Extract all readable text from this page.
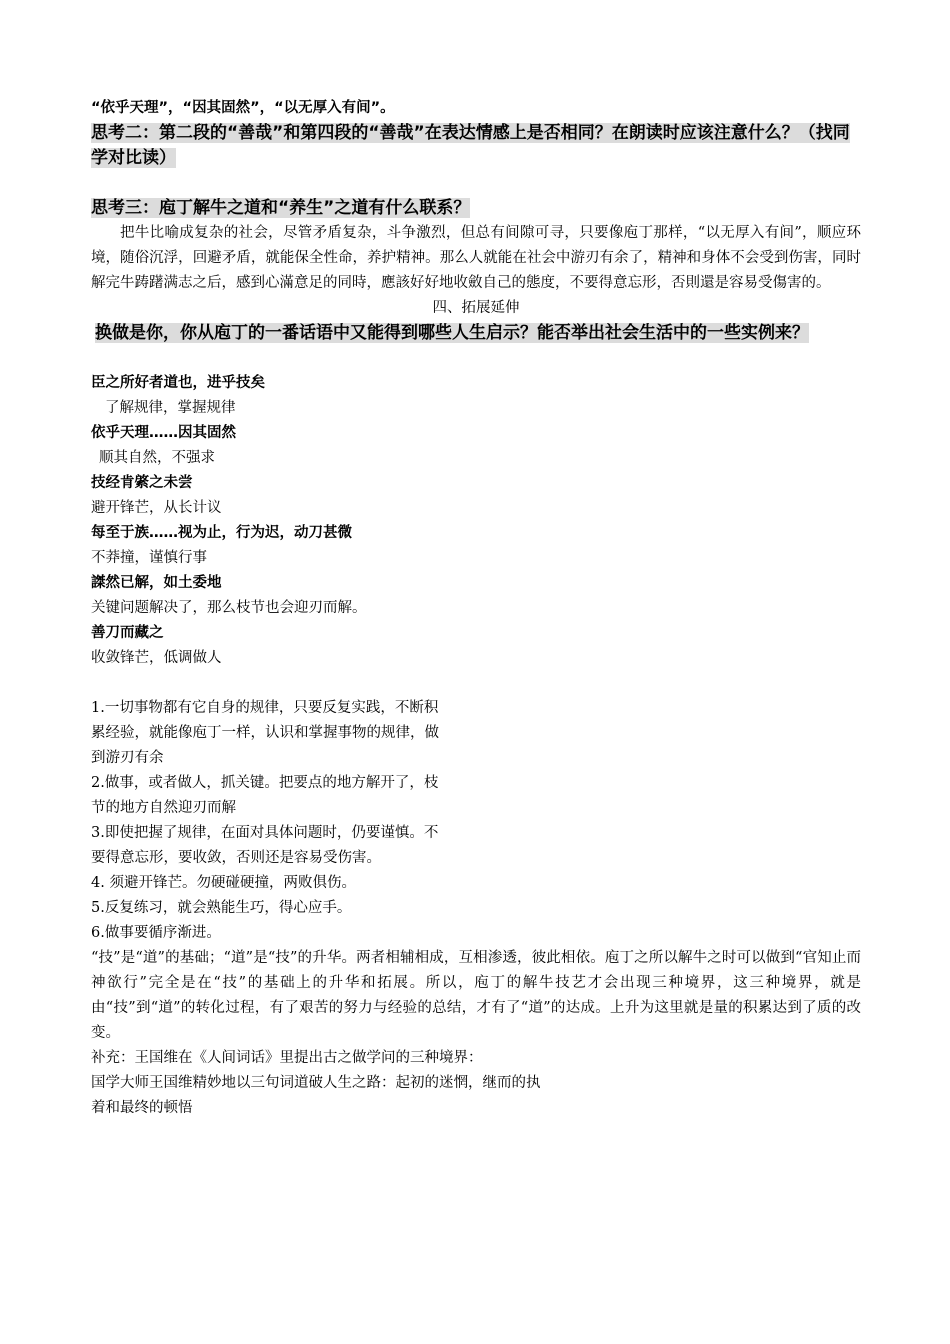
“依乎天理”，“因其固然”，“以无厚入有间”。
思考二：第二段的“善哉”和第四段的“善哉”在表达情感上是否相同？在朗读时应该注意什么？（找同学对比读）
思考三：庖丁解牛之道和“养生”之道有什么联系？
把牛比喻成复杂的社会，尽管矛盾复杂，斗争激烈，但总有间隙可寻，只要像庖丁那样，“以无厚入有间”，顺应环境，随俗沉浮，回避矛盾，就能保全性命，养护精神。那么人就能在社会中游刃有余了，精神和身体不会受到伤害，同时解完牛踌躇满志之后，感到心滿意足的同時，應該好好地收斂自己的態度，不要得意忘形，否則還是容易受傷害的。
四、拓展延伸
换做是你，你从庖丁的一番话语中又能得到哪些人生启示？能否举出社会生活中的一些实例来？
臣之所好者道也，进乎技矣
了解规律，掌握规律
依乎天理……因其固然
顺其自然，不强求
技经肯綮之未尝
避开锋芒，从长计议
每至于族……视为止，行为迟，动刀甚微
不莽撞，谨慎行事
謋然已解，如土委地
关键问题解决了，那么枝节也会迎刃而解。
善刀而藏之
收敛锋芒，低调做人
1.一切事物都有它自身的规律，只要反复实践，不断积累经验，就能像庖丁一样，认识和掌握事物的规律，做到游刃有余
2.做事，或者做人，抓关键。把要点的地方解开了，枝节的地方自然迎刃而解
3.即使把握了规律，在面对具体问题时，仍要谨慎。不要得意忘形，要收敛，否则还是容易受伤害。
4. 须避开锋芒。勿硬碰硬撞，两败俱伤。
5.反复练习，就会熟能生巧，得心应手。
6.做事要循序渐进。
“技”是“道”的基础；“道”是“技”的升华。两者相辅相成，互相渗透，彼此相依。庖丁之所以解牛之时可以做到“官知止而神欲行”完全是在“技”的基础上的升华和拓展。所以，庖丁的解牛技艺才会出现三种境界，这三种境界，就是由“技”到“道”的转化过程，有了艰苦的努力与经验的总结，才有了“道”的达成。上升为这里就是量的积累达到了质的改变。
补充：王国维在《人间词话》里提出古之做学问的三种境界：
国学大师王国维精妙地以三句词道破人生之路：起初的迷惘，继而的执着和最终的顿悟
